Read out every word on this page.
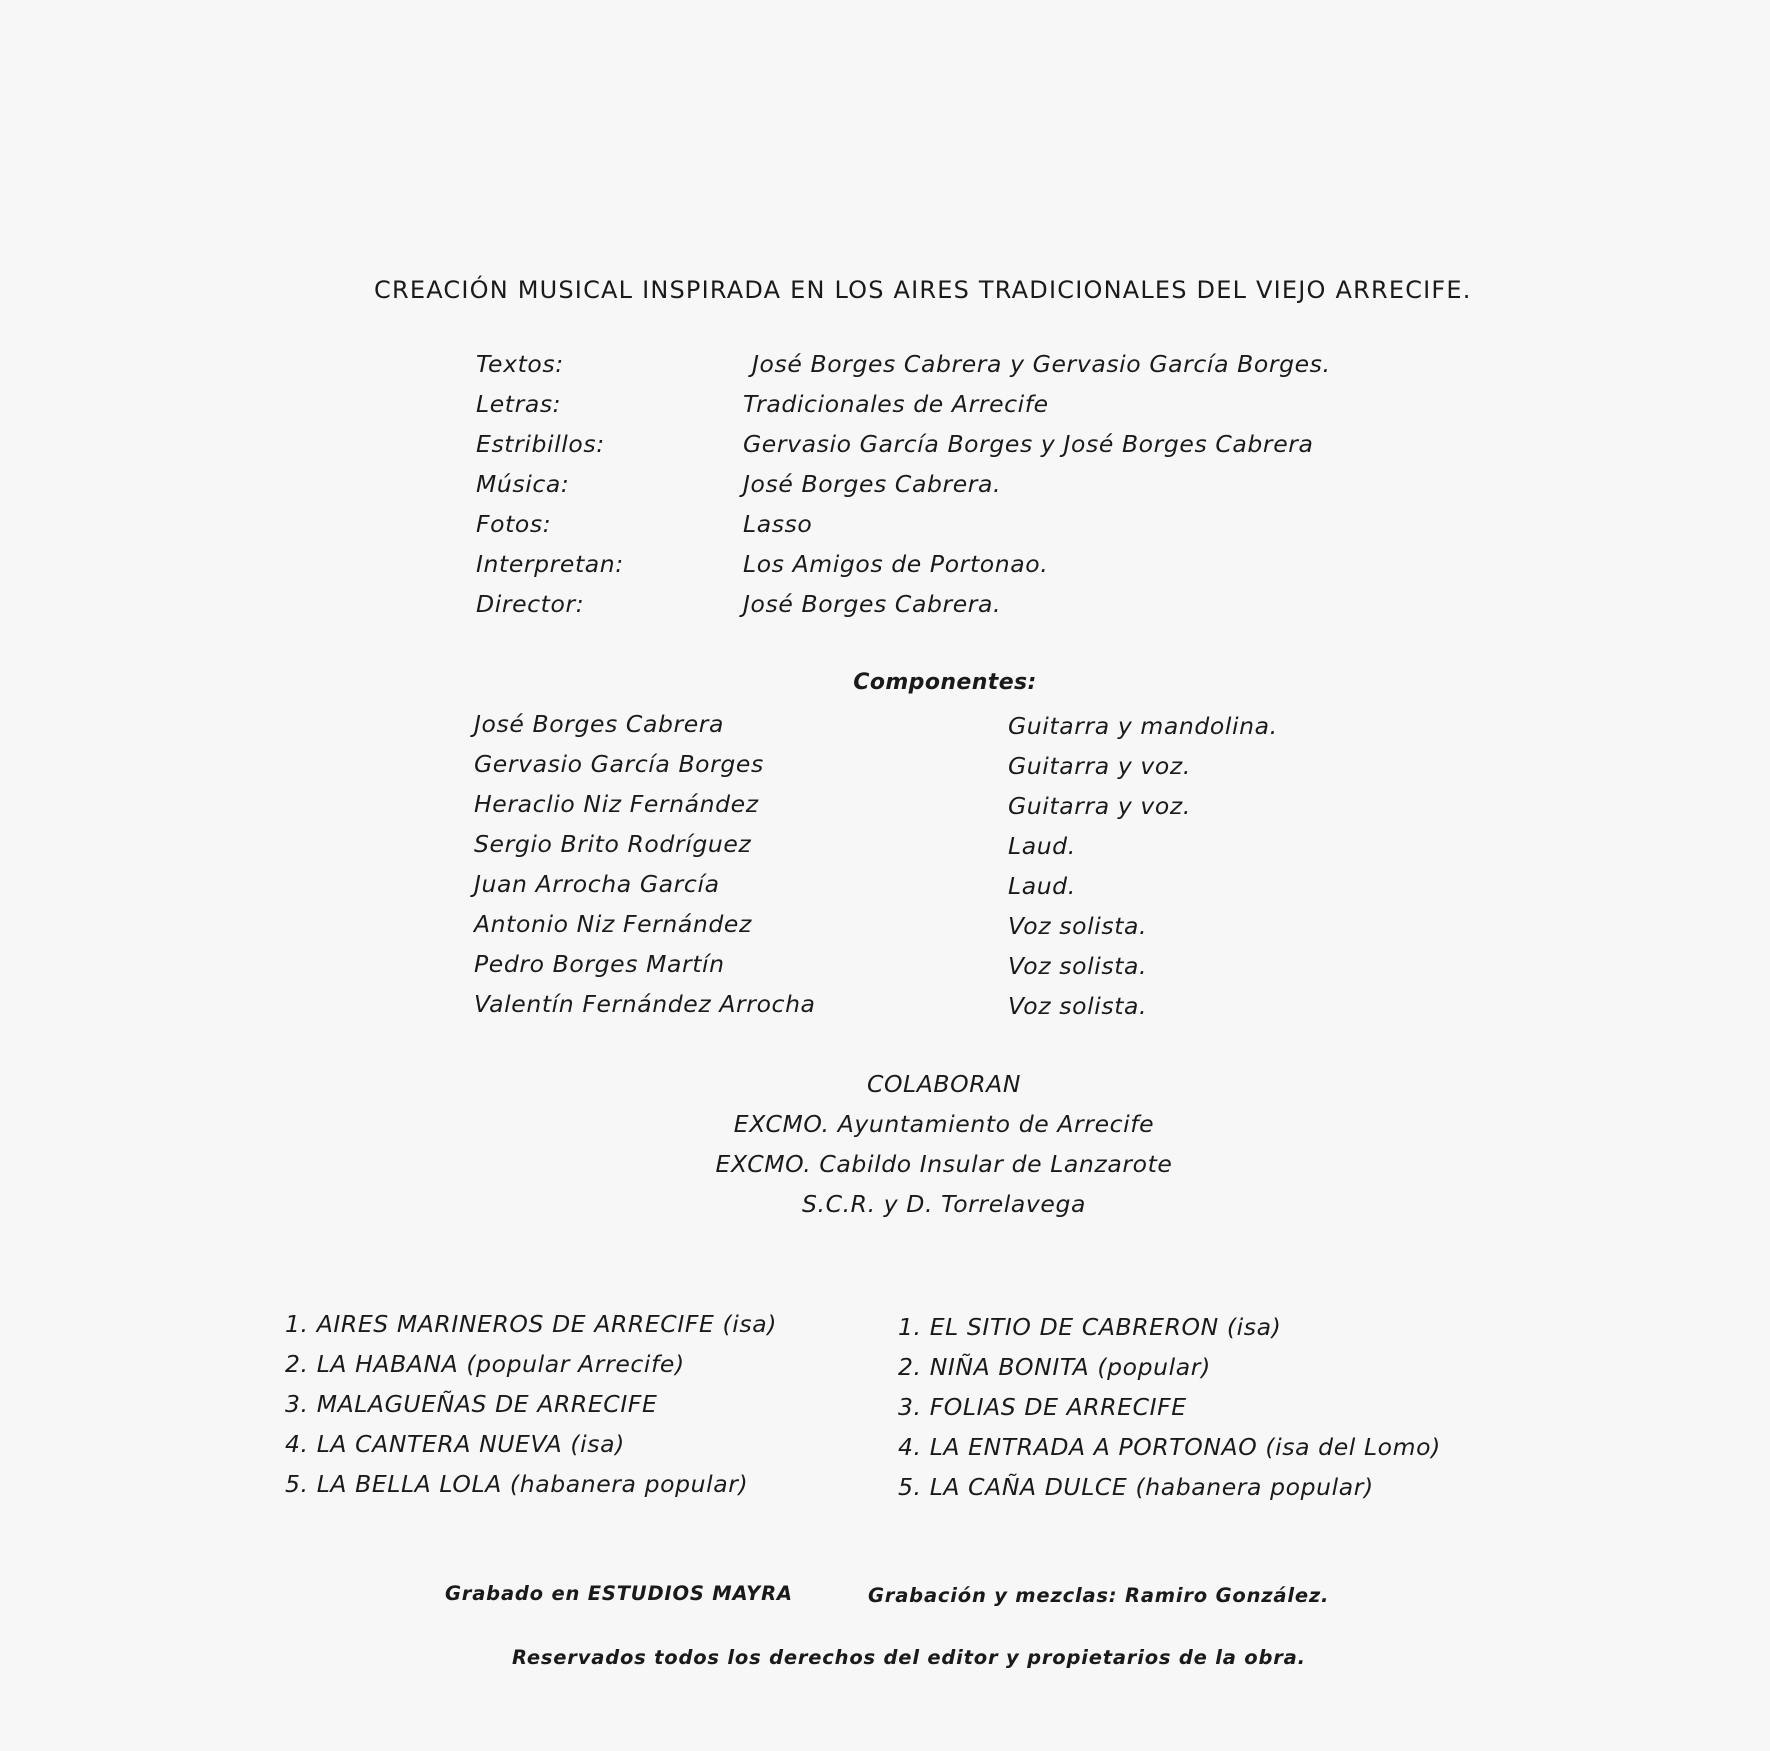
CREACIÓN MUSICAL INSPIRADA EN LOS AIRES TRADICIONALES DEL VIEJO ARRECIFE.
Textos:	José Borges Cabrera y Gervasio García Borges.
Letras:	Tradicionales de Arrecife
Estribillos:	Gervasio García Borges y José Borges Cabrera
Música:	José Borges Cabrera.
Fotos:	Lasso
Interpretan:	Los Amigos de Portonao.
Director:	José Borges Cabrera.
Componentes:
José Borges Cabrera	Guitarra y mandolina.
Gervasio García Borges	Guitarra y voz.
Heraclio Niz Fernández	Guitarra y voz.
Sergio Brito Rodríguez	Laud.
Juan Arrocha García	Laud.
Antonio Niz Fernández	Voz solista.
Pedro Borges Martín	Voz solista.
Valentín Fernández Arrocha	Voz solista.
COLABORAN
EXCMO. Ayuntamiento de Arrecife
EXCMO. Cabildo Insular de Lanzarote
S.C.R. y D. Torrelavega
1. AIRES MARINEROS DE ARRECIFE (isa)
2. LA HABANA (popular Arrecife)
3. MALAGUEÑAS DE ARRECIFE
4. LA CANTERA NUEVA (isa)
5. LA BELLA LOLA (habanera popular)
1. EL SITIO DE CABRERON (isa)
2. NIÑA BONITA (popular)
3. FOLIAS DE ARRECIFE
4. LA ENTRADA A PORTONAO (isa del Lomo)
5. LA CAÑA DULCE (habanera popular)
Grabado en ESTUDIOS MAYRA	Grabación y mezclas: Ramiro González.
Reservados todos los derechos del editor y propietarios de la obra.
